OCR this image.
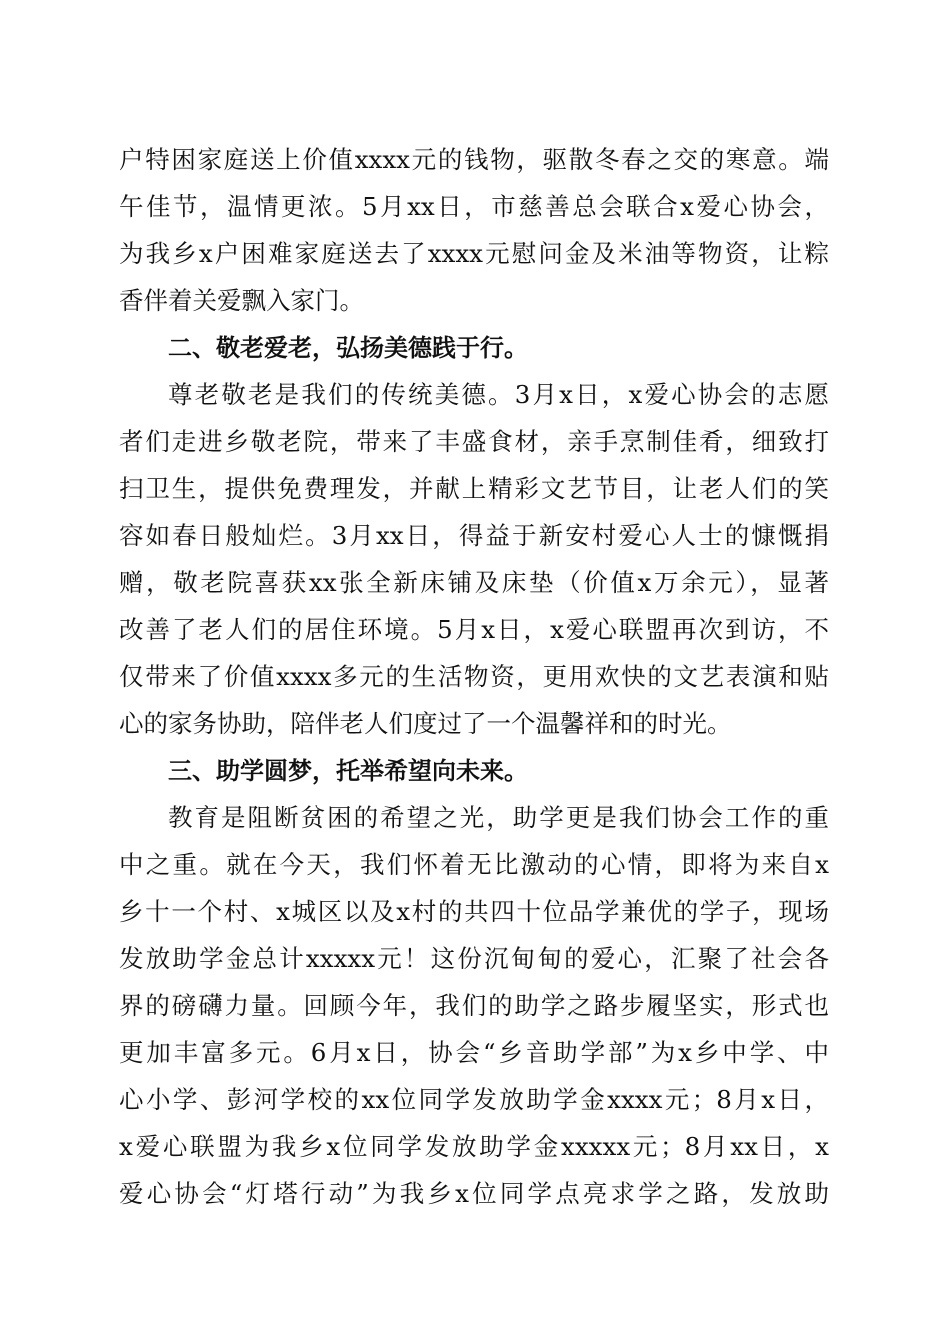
户特困家庭送上价值xxxx元的钱物，驱散冬春之交的寒意。端
午佳节，温情更浓。5月xx日，市慈善总会联合x爱心协会，
为我乡x户困难家庭送去了xxxx元慰问金及米油等物资，让粽
香伴着关爱飘入家门。
二、敬老爱老，弘扬美德践于行。
尊老敬老是我们的传统美德。3月x日，x爱心协会的志愿
者们走进乡敬老院，带来了丰盛食材，亲手烹制佳肴，细致打
扫卫生，提供免费理发，并献上精彩文艺节目，让老人们的笑
容如春日般灿烂。3月xx日，得益于新安村爱心人士的慷慨捐
赠，敬老院喜获xx张全新床铺及床垫（价值x万余元），显著
改善了老人们的居住环境。5月x日，x爱心联盟再次到访，不
仅带来了价值xxxx多元的生活物资，更用欢快的文艺表演和贴
心的家务协助，陪伴老人们度过了一个温馨祥和的时光。
三、助学圆梦，托举希望向未来。
教育是阻断贫困的希望之光，助学更是我们协会工作的重
中之重。就在今天，我们怀着无比激动的心情，即将为来自x
乡十一个村、x城区以及x村的共四十位品学兼优的学子，现场
发放助学金总计xxxxx元！这份沉甸甸的爱心，汇聚了社会各
界的磅礴力量。回顾今年，我们的助学之路步履坚实，形式也
更加丰富多元。6月x日，协会“乡音助学部”为x乡中学、中
心小学、彭河学校的xx位同学发放助学金xxxx元；8月x日，
x爱心联盟为我乡x位同学发放助学金xxxxx元；8月xx日，x
爱心协会“灯塔行动”为我乡x位同学点亮求学之路，发放助
